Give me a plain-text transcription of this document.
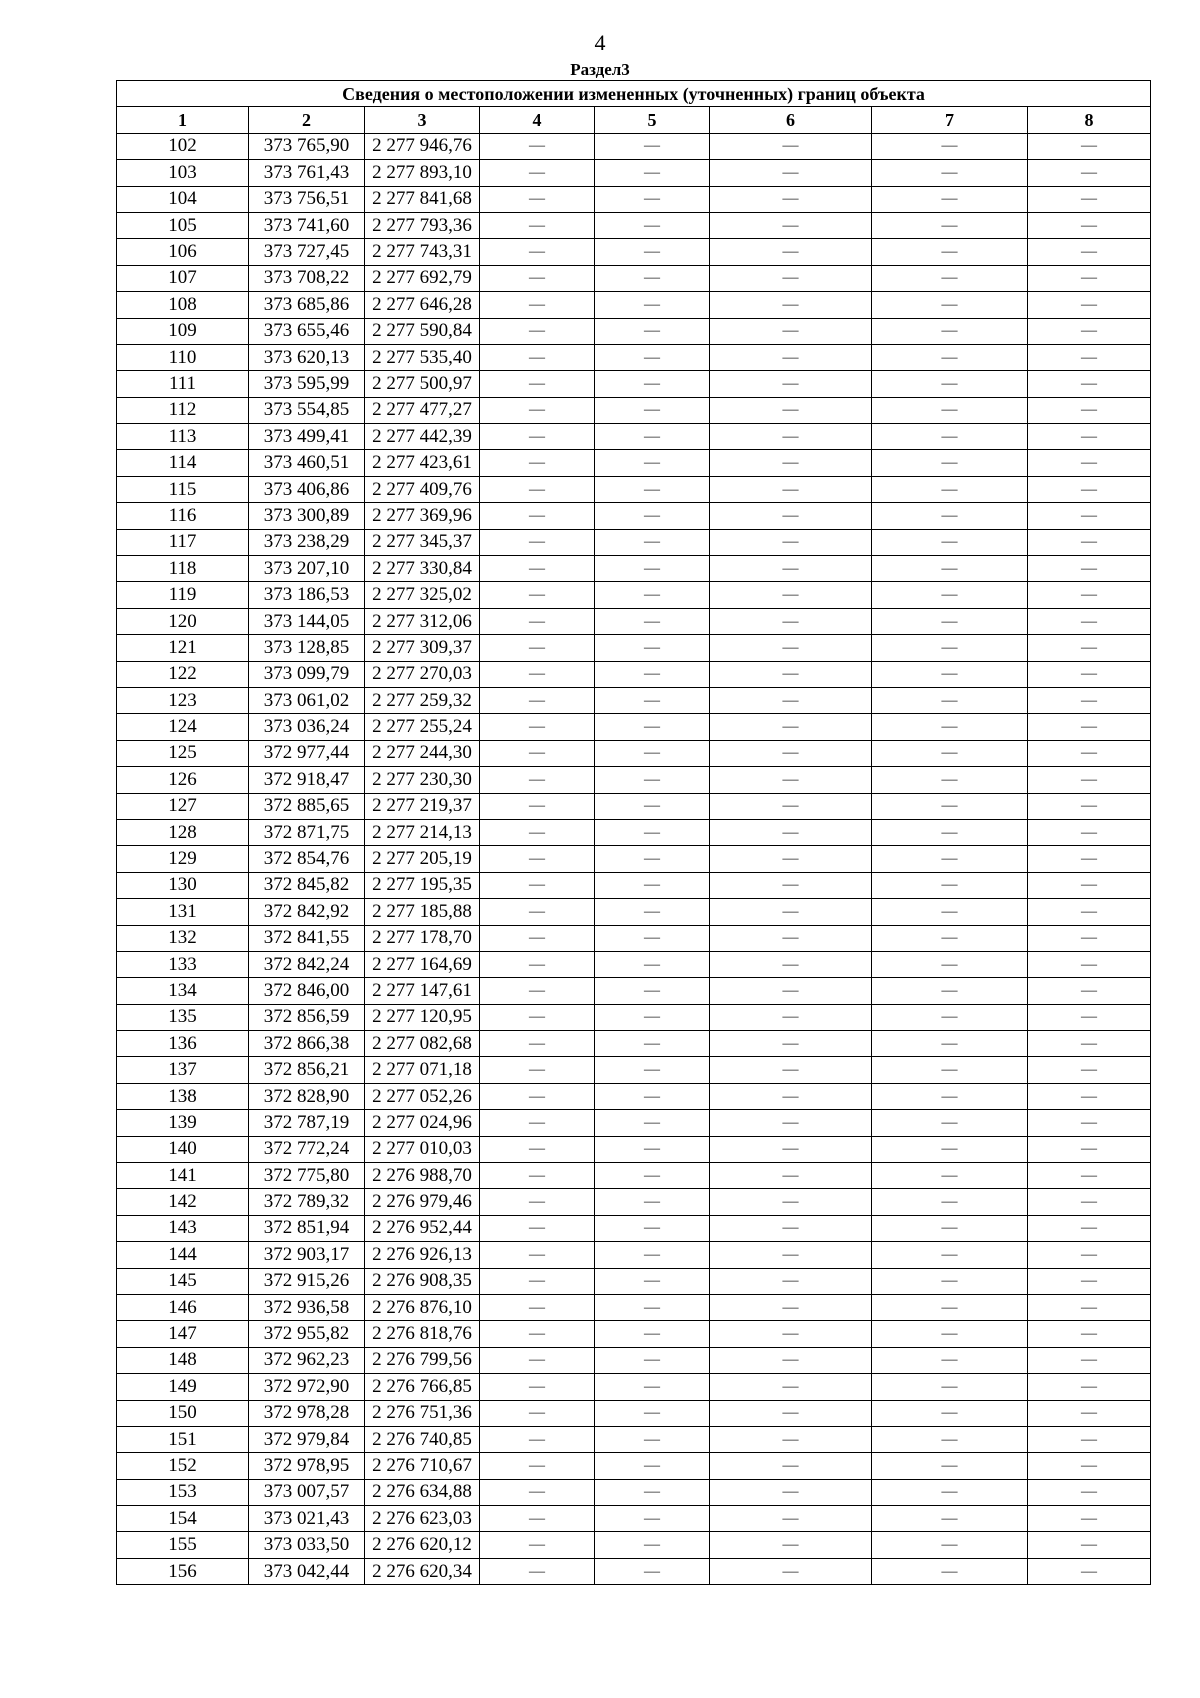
4
Раздел3
Сведения о местоположении измененных (уточненных) границ объекта							
1	2	3	4	5	6	7	8
102	373 765,90	2 277 946,76	—	—	—	—	—
103	373 761,43	2 277 893,10	—	—	—	—	—
104	373 756,51	2 277 841,68	—	—	—	—	—
105	373 741,60	2 277 793,36	—	—	—	—	—
106	373 727,45	2 277 743,31	—	—	—	—	—
107	373 708,22	2 277 692,79	—	—	—	—	—
108	373 685,86	2 277 646,28	—	—	—	—	—
109	373 655,46	2 277 590,84	—	—	—	—	—
110	373 620,13	2 277 535,40	—	—	—	—	—
111	373 595,99	2 277 500,97	—	—	—	—	—
112	373 554,85	2 277 477,27	—	—	—	—	—
113	373 499,41	2 277 442,39	—	—	—	—	—
114	373 460,51	2 277 423,61	—	—	—	—	—
115	373 406,86	2 277 409,76	—	—	—	—	—
116	373 300,89	2 277 369,96	—	—	—	—	—
117	373 238,29	2 277 345,37	—	—	—	—	—
118	373 207,10	2 277 330,84	—	—	—	—	—
119	373 186,53	2 277 325,02	—	—	—	—	—
120	373 144,05	2 277 312,06	—	—	—	—	—
121	373 128,85	2 277 309,37	—	—	—	—	—
122	373 099,79	2 277 270,03	—	—	—	—	—
123	373 061,02	2 277 259,32	—	—	—	—	—
124	373 036,24	2 277 255,24	—	—	—	—	—
125	372 977,44	2 277 244,30	—	—	—	—	—
126	372 918,47	2 277 230,30	—	—	—	—	—
127	372 885,65	2 277 219,37	—	—	—	—	—
128	372 871,75	2 277 214,13	—	—	—	—	—
129	372 854,76	2 277 205,19	—	—	—	—	—
130	372 845,82	2 277 195,35	—	—	—	—	—
131	372 842,92	2 277 185,88	—	—	—	—	—
132	372 841,55	2 277 178,70	—	—	—	—	—
133	372 842,24	2 277 164,69	—	—	—	—	—
134	372 846,00	2 277 147,61	—	—	—	—	—
135	372 856,59	2 277 120,95	—	—	—	—	—
136	372 866,38	2 277 082,68	—	—	—	—	—
137	372 856,21	2 277 071,18	—	—	—	—	—
138	372 828,90	2 277 052,26	—	—	—	—	—
139	372 787,19	2 277 024,96	—	—	—	—	—
140	372 772,24	2 277 010,03	—	—	—	—	—
141	372 775,80	2 276 988,70	—	—	—	—	—
142	372 789,32	2 276 979,46	—	—	—	—	—
143	372 851,94	2 276 952,44	—	—	—	—	—
144	372 903,17	2 276 926,13	—	—	—	—	—
145	372 915,26	2 276 908,35	—	—	—	—	—
146	372 936,58	2 276 876,10	—	—	—	—	—
147	372 955,82	2 276 818,76	—	—	—	—	—
148	372 962,23	2 276 799,56	—	—	—	—	—
149	372 972,90	2 276 766,85	—	—	—	—	—
150	372 978,28	2 276 751,36	—	—	—	—	—
151	372 979,84	2 276 740,85	—	—	—	—	—
152	372 978,95	2 276 710,67	—	—	—	—	—
153	373 007,57	2 276 634,88	—	—	—	—	—
154	373 021,43	2 276 623,03	—	—	—	—	—
155	373 033,50	2 276 620,12	—	—	—	—	—
156	373 042,44	2 276 620,34	—	—	—	—	—
